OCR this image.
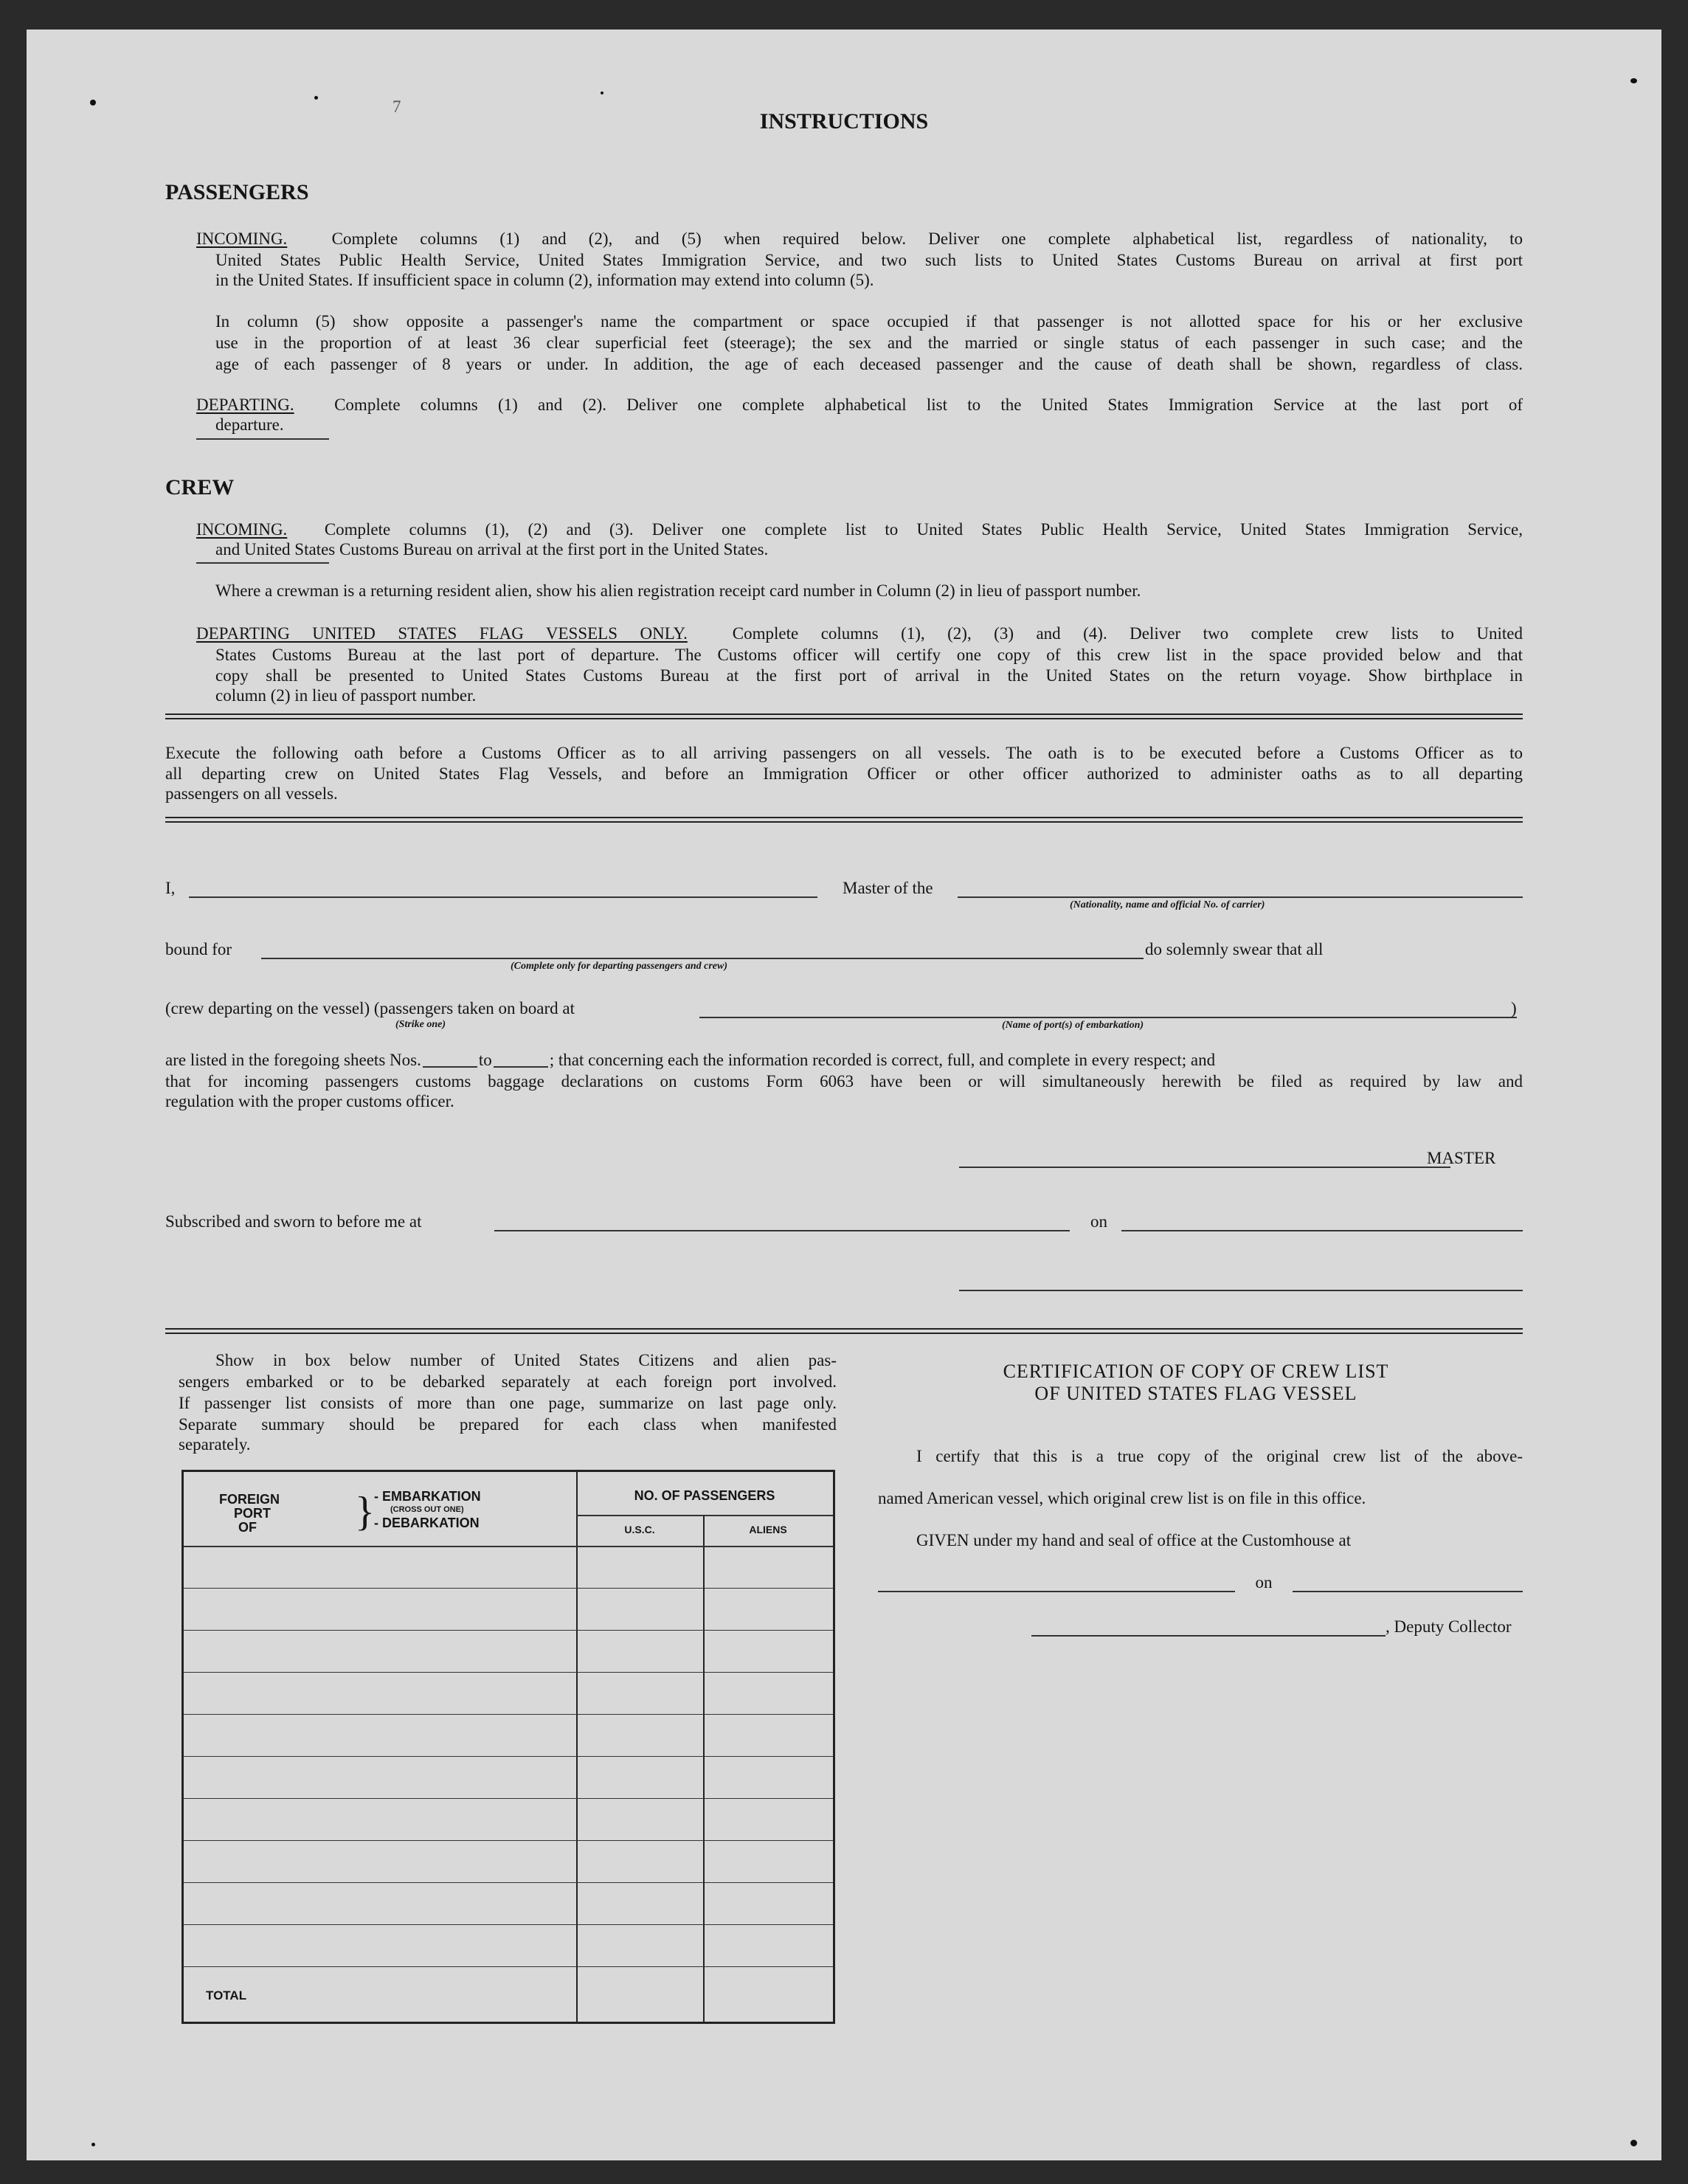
7
INSTRUCTIONS
PASSENGERS
INCOMING.	Complete columns (1) and (2), and (5) when required below. Deliver one complete alphabetical list, regardless of nationality, to
United States Public Health Service, United States Immigration Service, and two such lists to United States Customs Bureau on arrival at first port
in the United States. If insufficient space in column (2), information may extend into column (5).
In column (5) show opposite a passenger's name the compartment or space occupied if that passenger is not allotted space for his or her exclusive
use in the proportion of at least 36 clear superficial feet (steerage); the sex and the married or single status of each passenger in such case; and the
age of each passenger of 8 years or under. In addition, the age of each deceased passenger and the cause of death shall be shown, regardless of class.
DEPARTING. Complete columns (1) and (2). Deliver one complete alphabetical list to the United States Immigration Service at the last port of
departure.
CREW
INCOMING. Complete columns (1), (2) and (3). Deliver one complete list to United States Public Health Service, United States Immigration Service,
and United States Customs Bureau on arrival at the first port in the United States.
Where a crewman is a returning resident alien, show his alien registration receipt card number in Column (2) in lieu of passport number.
DEPARTING UNITED STATES FLAG VESSELS ONLY.	Complete columns (1), (2), (3) and (4). Deliver two complete crew lists to United
States Customs Bureau at the last port of departure. The Customs officer will certify one copy of this crew list in the space provided below and that
copy shall be presented to United States Customs Bureau at the first port of arrival in the United States on the return voyage. Show birthplace in
column (2) in lieu of passport number.
Execute the following oath before a Customs Officer as to all arriving passengers on all vessels. The oath is to be executed before a Customs Officer as to
all departing crew on United States Flag Vessels, and before an Immigration Officer or other officer authorized to administer oaths as to all departing
passengers on all vessels.
I,	Master of the
(Nationality, name and official No. of carrier)
bound for
(Complete only for departing passengers and crew)
do solemnly swear that all
(crew departing on the vessel) (passengers taken on board at	)
(Strike one)	(Name of port(s) of embarkation)
are listed in the foregoing sheets Nos.	to	; that concerning each the information recorded is correct, full, and complete in every respect; and
that for incoming passengers customs baggage declarations on customs Form 6063 have been or will simultaneously herewith be filed as required by law and
regulation with the proper customs officer.
MASTER
Subscribed and sworn to before me at	on
Show in box below number of United States Citizens and alien pas-
sengers embarked or to be debarked separately at each foreign port involved.
If passenger list consists of more than one page, summarize on last page only.
Separate summary should be prepared for each class when manifested
separately.
FOREIGN
PORT
OF } - EMBARKATION
(CROSS OUT ONE)
- DEBARKATION
NO. OF PASSENGERS
U.S.C.	ALIENS
TOTAL
CERTIFICATION OF COPY OF CREW LIST
OF UNITED STATES FLAG VESSEL
I certify that this is a true copy of the original crew list of the above-
named American vessel, which original crew list is on file in this office.
GIVEN under my hand and seal of office at the Customhouse at
on
, Deputy Collector
